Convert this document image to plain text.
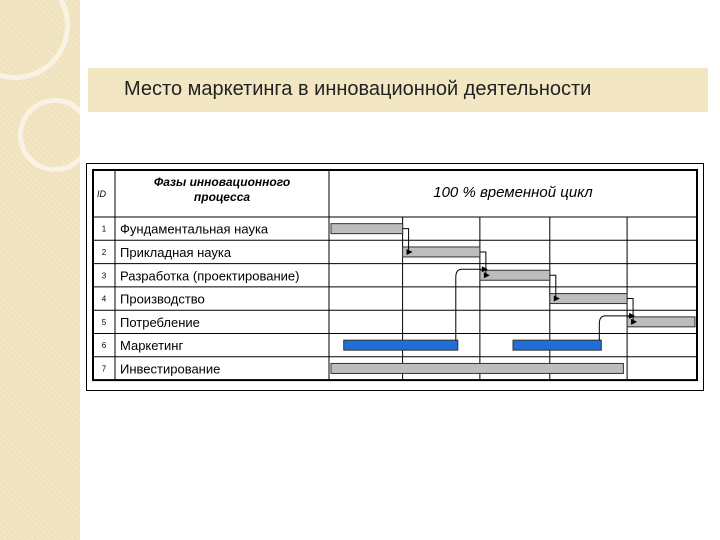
Место маркетинга в инновационной деятельности
ID
Фазы инновационного
процесса	100 % временной цикл
1 Фундаментальная наука
2 Прикладная наука
3 Разработка (проектирование)
4 Производство
5 Потребление
6 Маркетинг
7 Инвестирование
